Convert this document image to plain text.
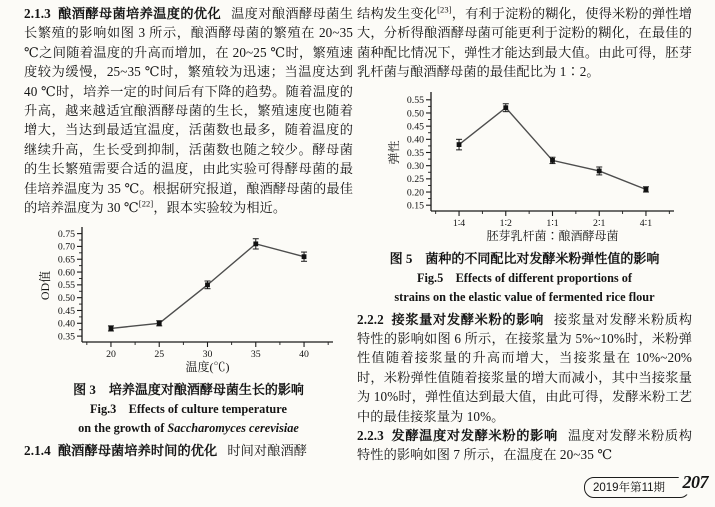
2.1.3 酿酒酵母菌培养温度的优化 温度对酿酒酵母菌生长繁殖的影响如图 3 所示，酿酒酵母菌的繁殖在 20~35 ℃之间随着温度的升高而增加，在 20~25 ℃时，繁殖速度较为缓慢，25~35 ℃时，繁殖较为迅速；当温度达到 40 ℃时，培养一定的时间后有下降的趋势。随着温度的升高，越来越适宜酿酒酵母菌的生长，繁殖速度也随着增大，当达到最适宜温度，活菌数也最多，随着温度的继续升高，生长受到抑制，活菌数也随之较少。酵母菌的生长繁殖需要合适的温度，由此实验可得酵母菌的最佳培养温度为 35 ℃。根据研究报道，酿酒酵母菌的最佳的培养温度为 30 ℃[22]，跟本实验较为相近。

0.35
0.40
0.45
0.50
0.55
0.60
0.65
0.70
0.75
20	25	30	35	40
温度(℃)
OD值

图 3　培养温度对酿酒酵母菌生长的影响

Fig.3　Effects of culture temperature

on the growth of Saccharomyces cerevisiae

2.1.4 酿酒酵母菌培养时间的优化 时间对酿酒酵

结构发生变化[23]，有利于淀粉的糊化，使得米粉的弹性增大，分析得酿酒酵母菌可能更利于淀粉的糊化，在最佳的菌种配比情况下，弹性才能达到最大值。由此可得，胚芽乳杆菌与酿酒酵母菌的最佳配比为 1∶2。

0.15
0.20
0.25
0.30
0.35
0.40
0.45
0.50
0.55
1∶4	1∶2	1∶1	2∶1	4∶1
胚芽乳杆菌∶酿酒酵母菌
弹性

图 5　菌种的不同配比对发酵米粉弹性值的影响

Fig.5　Effects of different proportions of

strains on the elastic value of fermented rice flour

2.2.2 接浆量对发酵米粉的影响 接浆量对发酵米粉质构特性的影响如图 6 所示，在接浆量为 5%~10%时，米粉弹性值随着接浆量的升高而增大，当接浆量在 10%~20%时，米粉弹性值随着接浆量的增大而减小，其中当接浆量为 10%时，弹性值达到最大值，由此可得，发酵米粉工艺中的最佳接浆量为 10%。

2.2.3 发酵温度对发酵米粉的影响 温度对发酵米粉质构特性的影响如图 7 所示，在温度在 20~35 ℃

2019年第11期 207
